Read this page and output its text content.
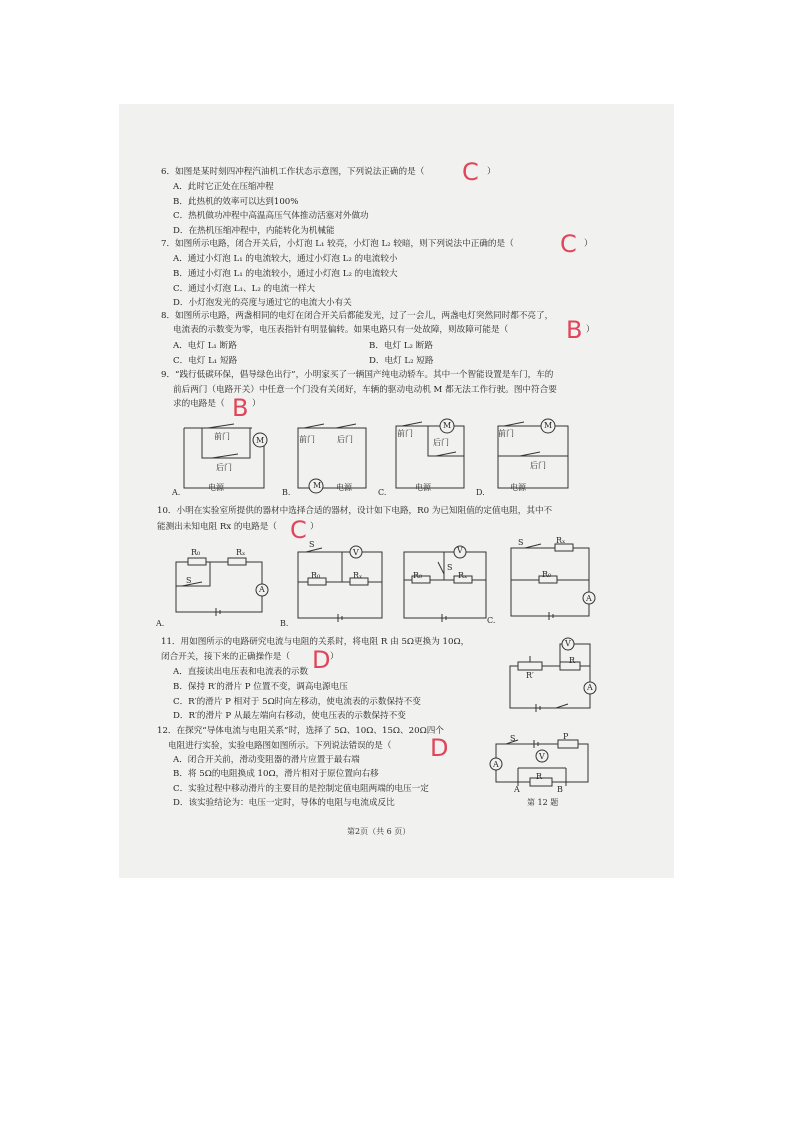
6．如图是某时刻四冲程汽油机工作状态示意图，下列说法正确的是（ C ）
A．此时它正处在压缩冲程
B．此热机的效率可以达到100%
C．热机做功冲程中高温高压气体推动活塞对外做功
D．在热机压缩冲程中，内能转化为机械能
7．如图所示电路，闭合开关后，小灯泡 L₁ 较亮，小灯泡 L₂ 较暗，则下列说法中正确的是（ C ）
A．通过小灯泡 L₁ 的电流较大，通过小灯泡 L₂ 的电流较小
B．通过小灯泡 L₁ 的电流较小，通过小灯泡 L₂ 的电流较大
C．通过小灯泡 L₁、L₂ 的电流一样大
D．小灯泡发光的亮度与通过它的电流大小有关
8．如图所示电路，两盏相同的电灯在闭合开关后都能发光，过了一会儿，两盏电灯突然同时都不亮了，
电流表的示数变为零，电压表指针有明显偏转。如果电路只有一处故障，则故障可能是（ B ）
A．电灯 L₁ 断路	B．电灯 L₂ 断路
C．电灯 L₁ 短路	D．电灯 L₂ 短路
9．“践行低碳环保，倡导绿色出行”，小明家买了一辆国产纯电动轿车。其中一个智能设置是车门，车的
前后两门（电路开关）中任意一个门没有关闭好，车辆的驱动电动机 M 都无法工作行驶。图中符合要
求的电路是（ B ）
前门
后门
M
电源
A.
前门	后门
M 电源
B.
前门
后门
M
电源
C.
前门
后门
M
电源
D.
10．小明在实验室所提供的器材中选择合适的器材，设计如下电路，R0 为已知阻值的定值电阻，其中不
能测出未知电阻 Rx 的电路是（ C ）
R₀	Rₓ
S
A
A.
S
V
R₀	Rₓ
B.
S
V
R₀	Rₓ
C.
S	Rₓ
R₀
A
11．用如图所示的电路研究电流与电阻的关系时，将电阻 R 由 5Ω更换为 10Ω，
闭合开关，接下来的正确操作是（ D ）
A．直接读出电压表和电流表的示数
B．保持 R′的滑片 P 位置不变，调高电源电压
C．R′的滑片 P 相对于 5Ω时向左移动，使电流表的示数保持不变
D．R′的滑片 P 从最左端向右移动，使电压表的示数保持不变
R′
R
V
A
12．在探究“导体电流与电阻关系”时，选择了 5Ω、10Ω、15Ω、20Ω四个
电阻进行实验，实验电路图如图所示。下列说法错误的是（ D
A．闭合开关前，滑动变阻器的滑片应置于最右端
B．将 5Ω的电阻换成 10Ω，滑片相对于原位置向右移
C．实验过程中移动滑片的主要目的是控制定值电阻两端的电压一定
D．该实验结论为：电压一定时，导体的电阻与电流成反比
S	P
V
A
R
A	B
第 12 题
第2页（共 6 页）
